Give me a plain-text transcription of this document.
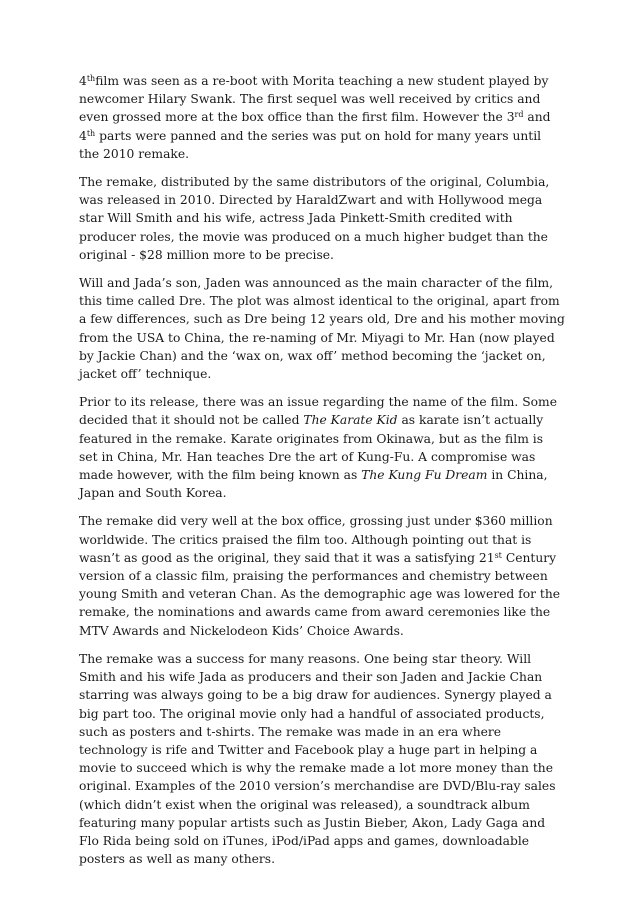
4thfilm was seen as a re-boot with Morita teaching a new student played by newcomer Hilary Swank. The first sequel was well received by critics and even grossed more at the box office than the first film. However the 3rd and 4th parts were panned and the series was put on hold for many years until the 2010 remake.

The remake, distributed by the same distributors of the original, Columbia, was released in 2010. Directed by HaraldZwart and with Hollywood mega star Will Smith and his wife, actress Jada Pinkett-Smith credited with producer roles, the movie was produced on a much higher budget than the original - $28 million more to be precise.

Will and Jada’s son, Jaden was announced as the main character of the film, this time called Dre. The plot was almost identical to the original, apart from a few differences, such as Dre being 12 years old, Dre and his mother moving from the USA to China, the re-naming of Mr. Miyagi to Mr. Han (now played by Jackie Chan) and the ‘wax on, wax off’ method becoming the ‘jacket on, jacket off’ technique.

Prior to its release, there was an issue regarding the name of the film. Some decided that it should not be called The Karate Kid as karate isn’t actually featured in the remake. Karate originates from Okinawa, but as the film is set in China, Mr. Han teaches Dre the art of Kung-Fu. A compromise was made however, with the film being known as The Kung Fu Dream in China, Japan and South Korea.

The remake did very well at the box office, grossing just under $360 million worldwide. The critics praised the film too. Although pointing out that is wasn’t as good as the original, they said that it was a satisfying 21st Century version of a classic film, praising the performances and chemistry between young Smith and veteran Chan. As the demographic age was lowered for the remake, the nominations and awards came from award ceremonies like the MTV Awards and Nickelodeon Kids’ Choice Awards.

The remake was a success for many reasons. One being star theory. Will Smith and his wife Jada as producers and their son Jaden and Jackie Chan starring was always going to be a big draw for audiences. Synergy played a big part too. The original movie only had a handful of associated products, such as posters and t-shirts. The remake was made in an era where technology is rife and Twitter and Facebook play a huge part in helping a movie to succeed which is why the remake made a lot more money than the original. Examples of the 2010 version’s merchandise are DVD/Blu-ray sales (which didn’t exist when the original was released), a soundtrack album featuring many popular artists such as Justin Bieber, Akon, Lady Gaga and Flo Rida being sold on iTunes, iPod/iPad apps and games, downloadable posters as well as many others.
